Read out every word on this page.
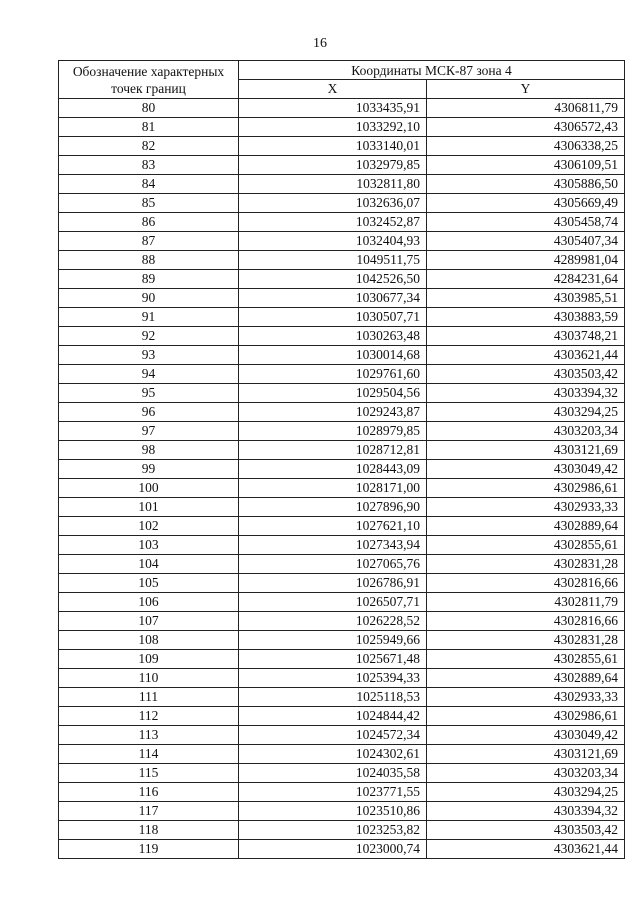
16
Обозначение характерных точек границ	Координаты МСК-87 зона 4	
	X	Y
80	1033435,91	4306811,79
81	1033292,10	4306572,43
82	1033140,01	4306338,25
83	1032979,85	4306109,51
84	1032811,80	4305886,50
85	1032636,07	4305669,49
86	1032452,87	4305458,74
87	1032404,93	4305407,34
88	1049511,75	4289981,04
89	1042526,50	4284231,64
90	1030677,34	4303985,51
91	1030507,71	4303883,59
92	1030263,48	4303748,21
93	1030014,68	4303621,44
94	1029761,60	4303503,42
95	1029504,56	4303394,32
96	1029243,87	4303294,25
97	1028979,85	4303203,34
98	1028712,81	4303121,69
99	1028443,09	4303049,42
100	1028171,00	4302986,61
101	1027896,90	4302933,33
102	1027621,10	4302889,64
103	1027343,94	4302855,61
104	1027065,76	4302831,28
105	1026786,91	4302816,66
106	1026507,71	4302811,79
107	1026228,52	4302816,66
108	1025949,66	4302831,28
109	1025671,48	4302855,61
110	1025394,33	4302889,64
111	1025118,53	4302933,33
112	1024844,42	4302986,61
113	1024572,34	4303049,42
114	1024302,61	4303121,69
115	1024035,58	4303203,34
116	1023771,55	4303294,25
117	1023510,86	4303394,32
118	1023253,82	4303503,42
119	1023000,74	4303621,44
